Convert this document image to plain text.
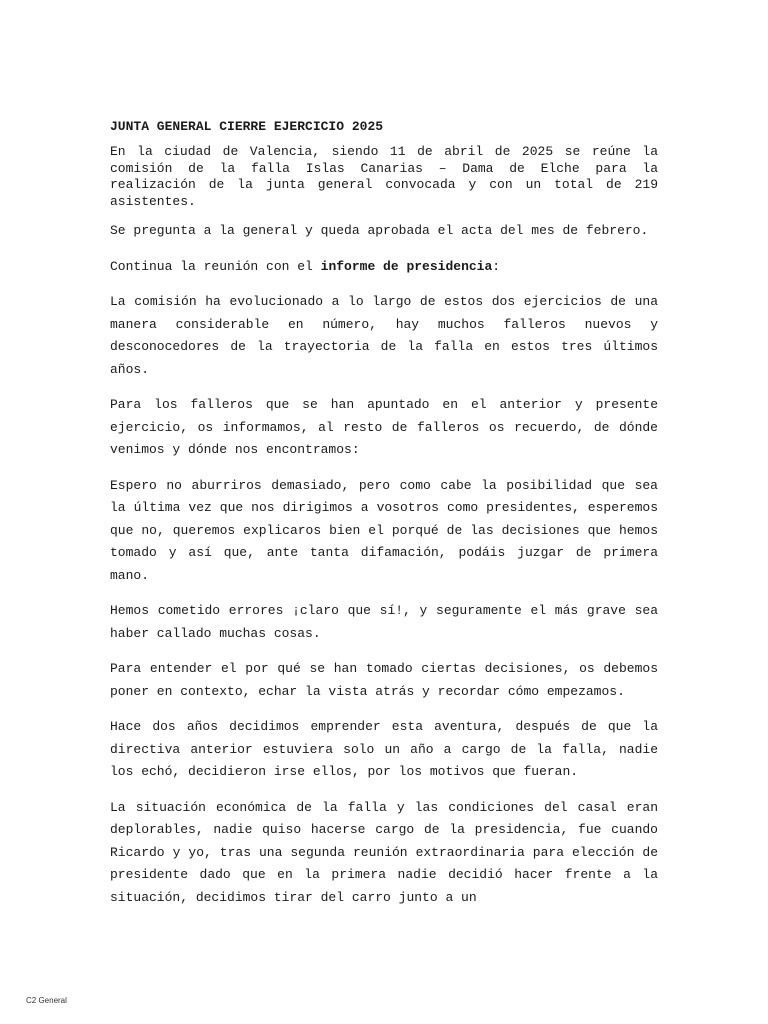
JUNTA GENERAL CIERRE EJERCICIO 2025

En la ciudad de Valencia, siendo 11 de abril de 2025 se reúne la comisión de la falla Islas Canarias – Dama de Elche para la realización de la junta general convocada y con un total de 219 asistentes.

Se pregunta a la general y queda aprobada el acta del mes de febrero.

Continua la reunión con el informe de presidencia:

La comisión ha evolucionado a lo largo de estos dos ejercicios de una manera considerable en número, hay muchos falleros nuevos y desconocedores de la trayectoria de la falla en estos tres últimos años.

Para los falleros que se han apuntado en el anterior y presente ejercicio, os informamos, al resto de falleros os recuerdo, de dónde venimos y dónde nos encontramos:

Espero no aburriros demasiado, pero como cabe la posibilidad que sea la última vez que nos dirigimos a vosotros como presidentes, esperemos que no, queremos explicaros bien el porqué de las decisiones que hemos tomado y así que, ante tanta difamación, podáis juzgar de primera mano.

Hemos cometido errores ¡claro que sí!, y seguramente el más grave sea haber callado muchas cosas.

Para entender el por qué se han tomado ciertas decisiones, os debemos poner en contexto, echar la vista atrás y recordar cómo empezamos.

Hace dos años decidimos emprender esta aventura, después de que la directiva anterior estuviera solo un año a cargo de la falla, nadie los echó, decidieron irse ellos, por los motivos que fueran.

La situación económica de la falla y las condiciones del casal eran deplorables, nadie quiso hacerse cargo de la presidencia, fue cuando Ricardo y yo, tras una segunda reunión extraordinaria para elección de presidente dado que en la primera nadie decidió hacer frente a la situación, decidimos tirar del carro junto a un

C2 General
